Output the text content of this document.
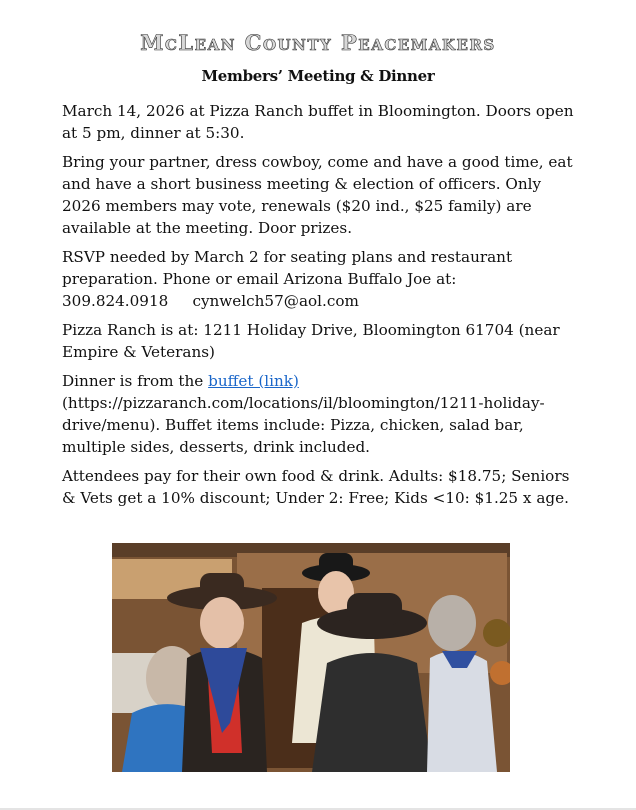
McLean County Peacemakers
Members’ Meeting & Dinner

March 14, 2026 at Pizza Ranch buffet in Bloomington. Doors open at 5 pm, dinner at 5:30.

Bring your partner, dress cowboy, come and have a good time, eat and have a short business meeting & election of officers. Only 2026 members may vote, renewals ($20 ind., $25 family) are available at the meeting. Door prizes.

RSVP needed by March 2 for seating plans and restaurant preparation. Phone or email Arizona Buffalo Joe at:
309.824.0918 cynwelch57@aol.com

Pizza Ranch is at: 1211 Holiday Drive, Bloomington 61704 (near Empire & Veterans)

Dinner is from the buffet (link)
(https://pizzaranch.com/locations/il/bloomington/1211-holiday-drive/menu). Buffet items include: Pizza, chicken, salad bar, multiple sides, desserts, drink included.

Attendees pay for their own food & drink. Adults: $18.75; Seniors & Vets get a 10% discount; Under 2: Free; Kids <10: $1.25 x age.
